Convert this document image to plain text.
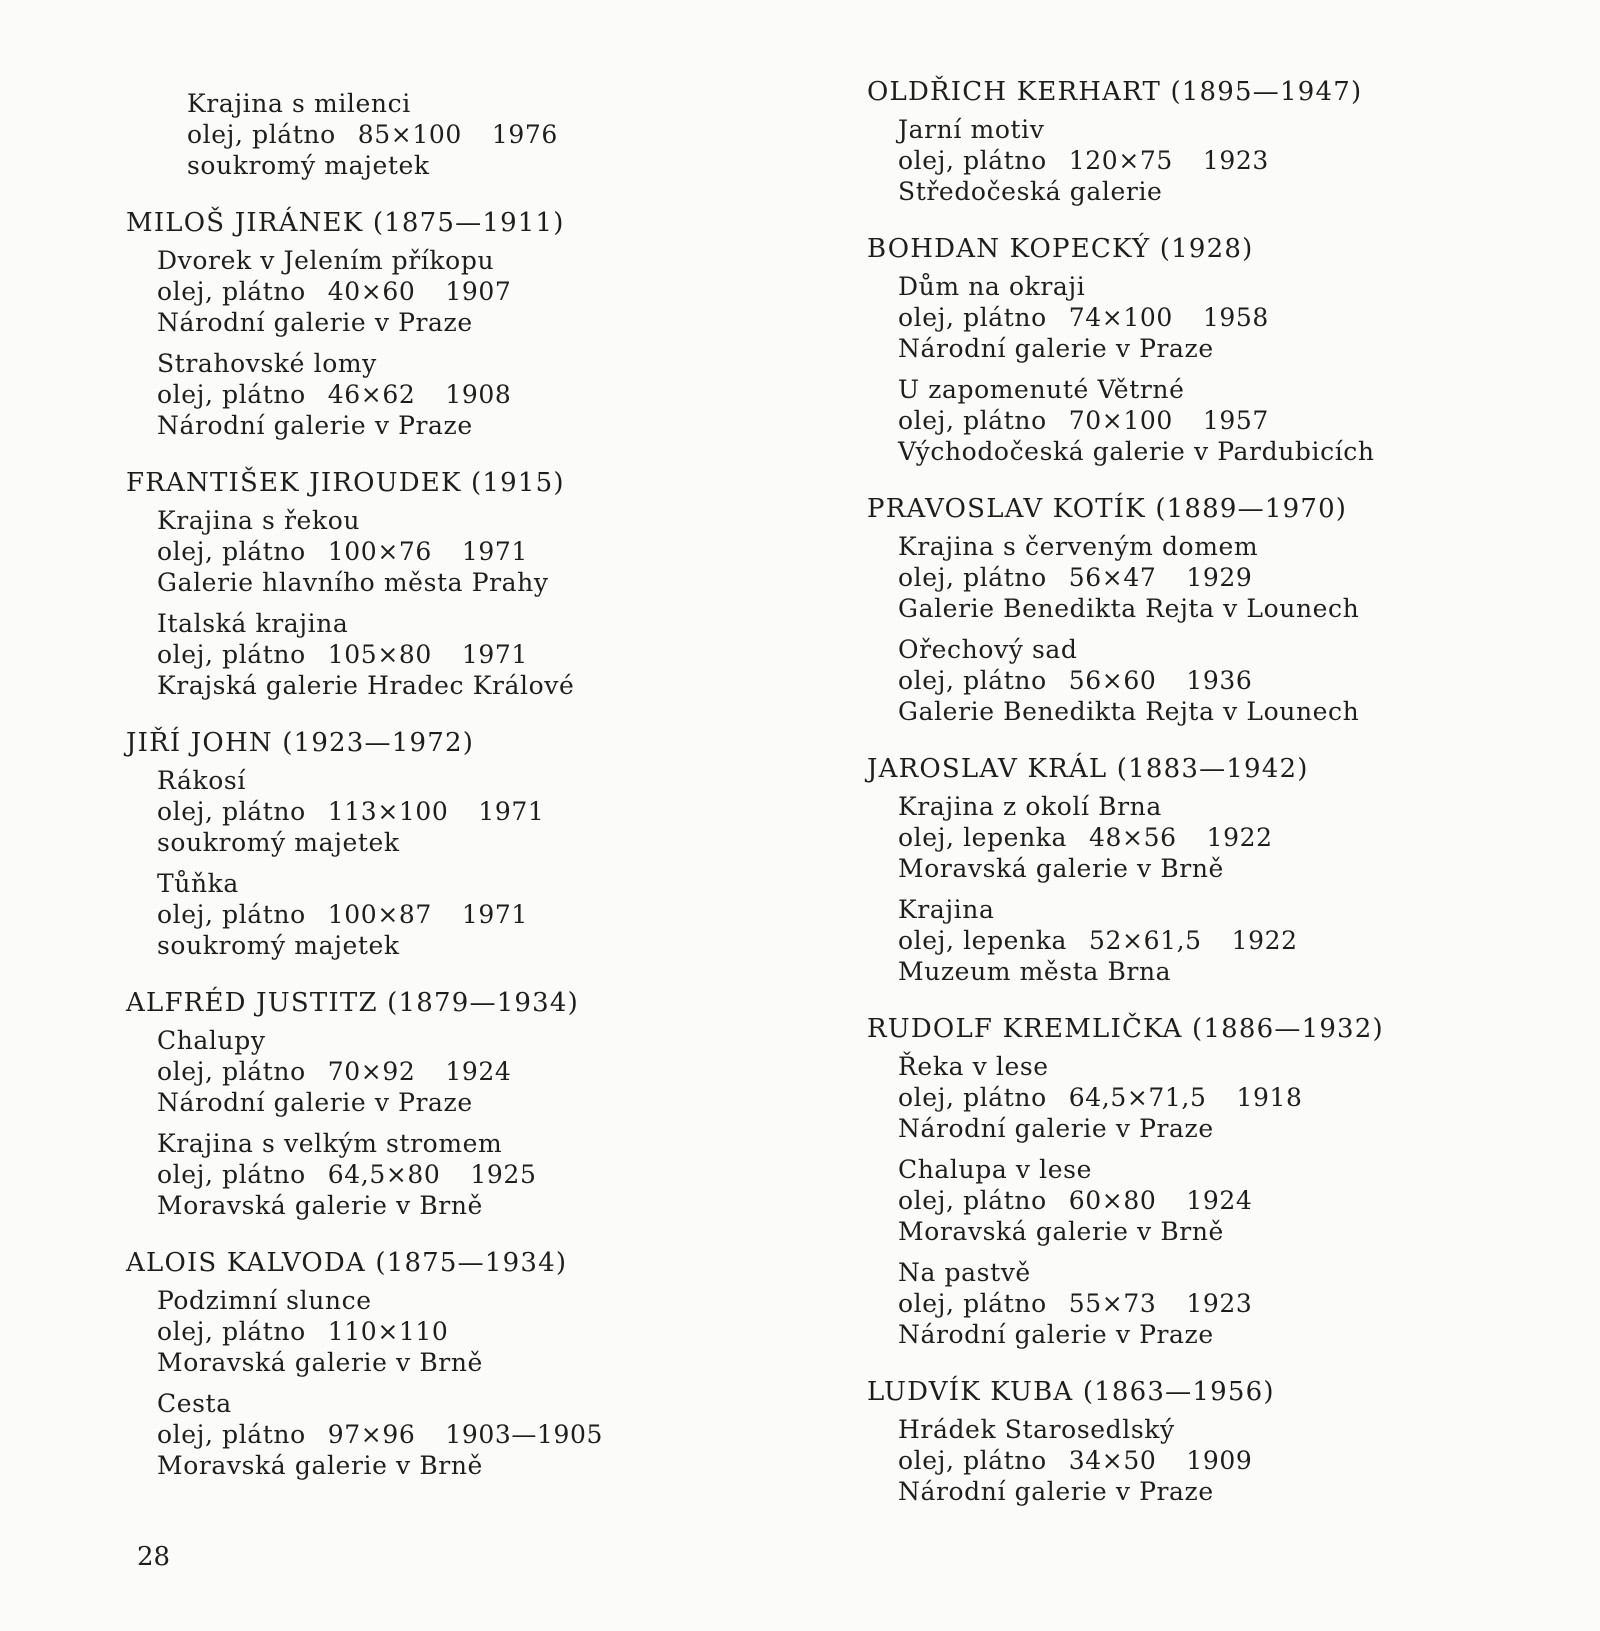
Krajina s milenci
olej, plátno 85×100 1976
soukromý majetek
MILOŠ JIRÁNEK (1875—1911)
Dvorek v Jelením příkopu
olej, plátno 40×60 1907
Národní galerie v Praze
Strahovské lomy
olej, plátno 46×62 1908
Národní galerie v Praze
FRANTIŠEK JIROUDEK (1915)
Krajina s řekou
olej, plátno 100×76 1971
Galerie hlavního města Prahy
Italská krajina
olej, plátno 105×80 1971
Krajská galerie Hradec Králové
JIŘÍ JOHN (1923—1972)
Rákosí
olej, plátno 113×100 1971
soukromý majetek
Tůňka
olej, plátno 100×87 1971
soukromý majetek
ALFRÉD JUSTITZ (1879—1934)
Chalupy
olej, plátno 70×92 1924
Národní galerie v Praze
Krajina s velkým stromem
olej, plátno 64,5×80 1925
Moravská galerie v Brně
ALOIS KALVODA (1875—1934)
Podzimní slunce
olej, plátno 110×110
Moravská galerie v Brně
Cesta
olej, plátno 97×96 1903—1905
Moravská galerie v Brně
OLDŘICH KERHART (1895—1947)
Jarní motiv
olej, plátno 120×75 1923
Středočeská galerie
BOHDAN KOPECKÝ (1928)
Dům na okraji
olej, plátno 74×100 1958
Národní galerie v Praze
U zapomenuté Větrné
olej, plátno 70×100 1957
Východočeská galerie v Pardubicích
PRAVOSLAV KOTÍK (1889—1970)
Krajina s červeným domem
olej, plátno 56×47 1929
Galerie Benedikta Rejta v Lounech
Ořechový sad
olej, plátno 56×60 1936
Galerie Benedikta Rejta v Lounech
JAROSLAV KRÁL (1883—1942)
Krajina z okolí Brna
olej, lepenka 48×56 1922
Moravská galerie v Brně
Krajina
olej, lepenka 52×61,5 1922
Muzeum města Brna
RUDOLF KREMLIČKA (1886—1932)
Řeka v lese
olej, plátno 64,5×71,5 1918
Národní galerie v Praze
Chalupa v lese
olej, plátno 60×80 1924
Moravská galerie v Brně
Na pastvě
olej, plátno 55×73 1923
Národní galerie v Praze
LUDVÍK KUBA (1863—1956)
Hrádek Starosedlský
olej, plátno 34×50 1909
Národní galerie v Praze
28
